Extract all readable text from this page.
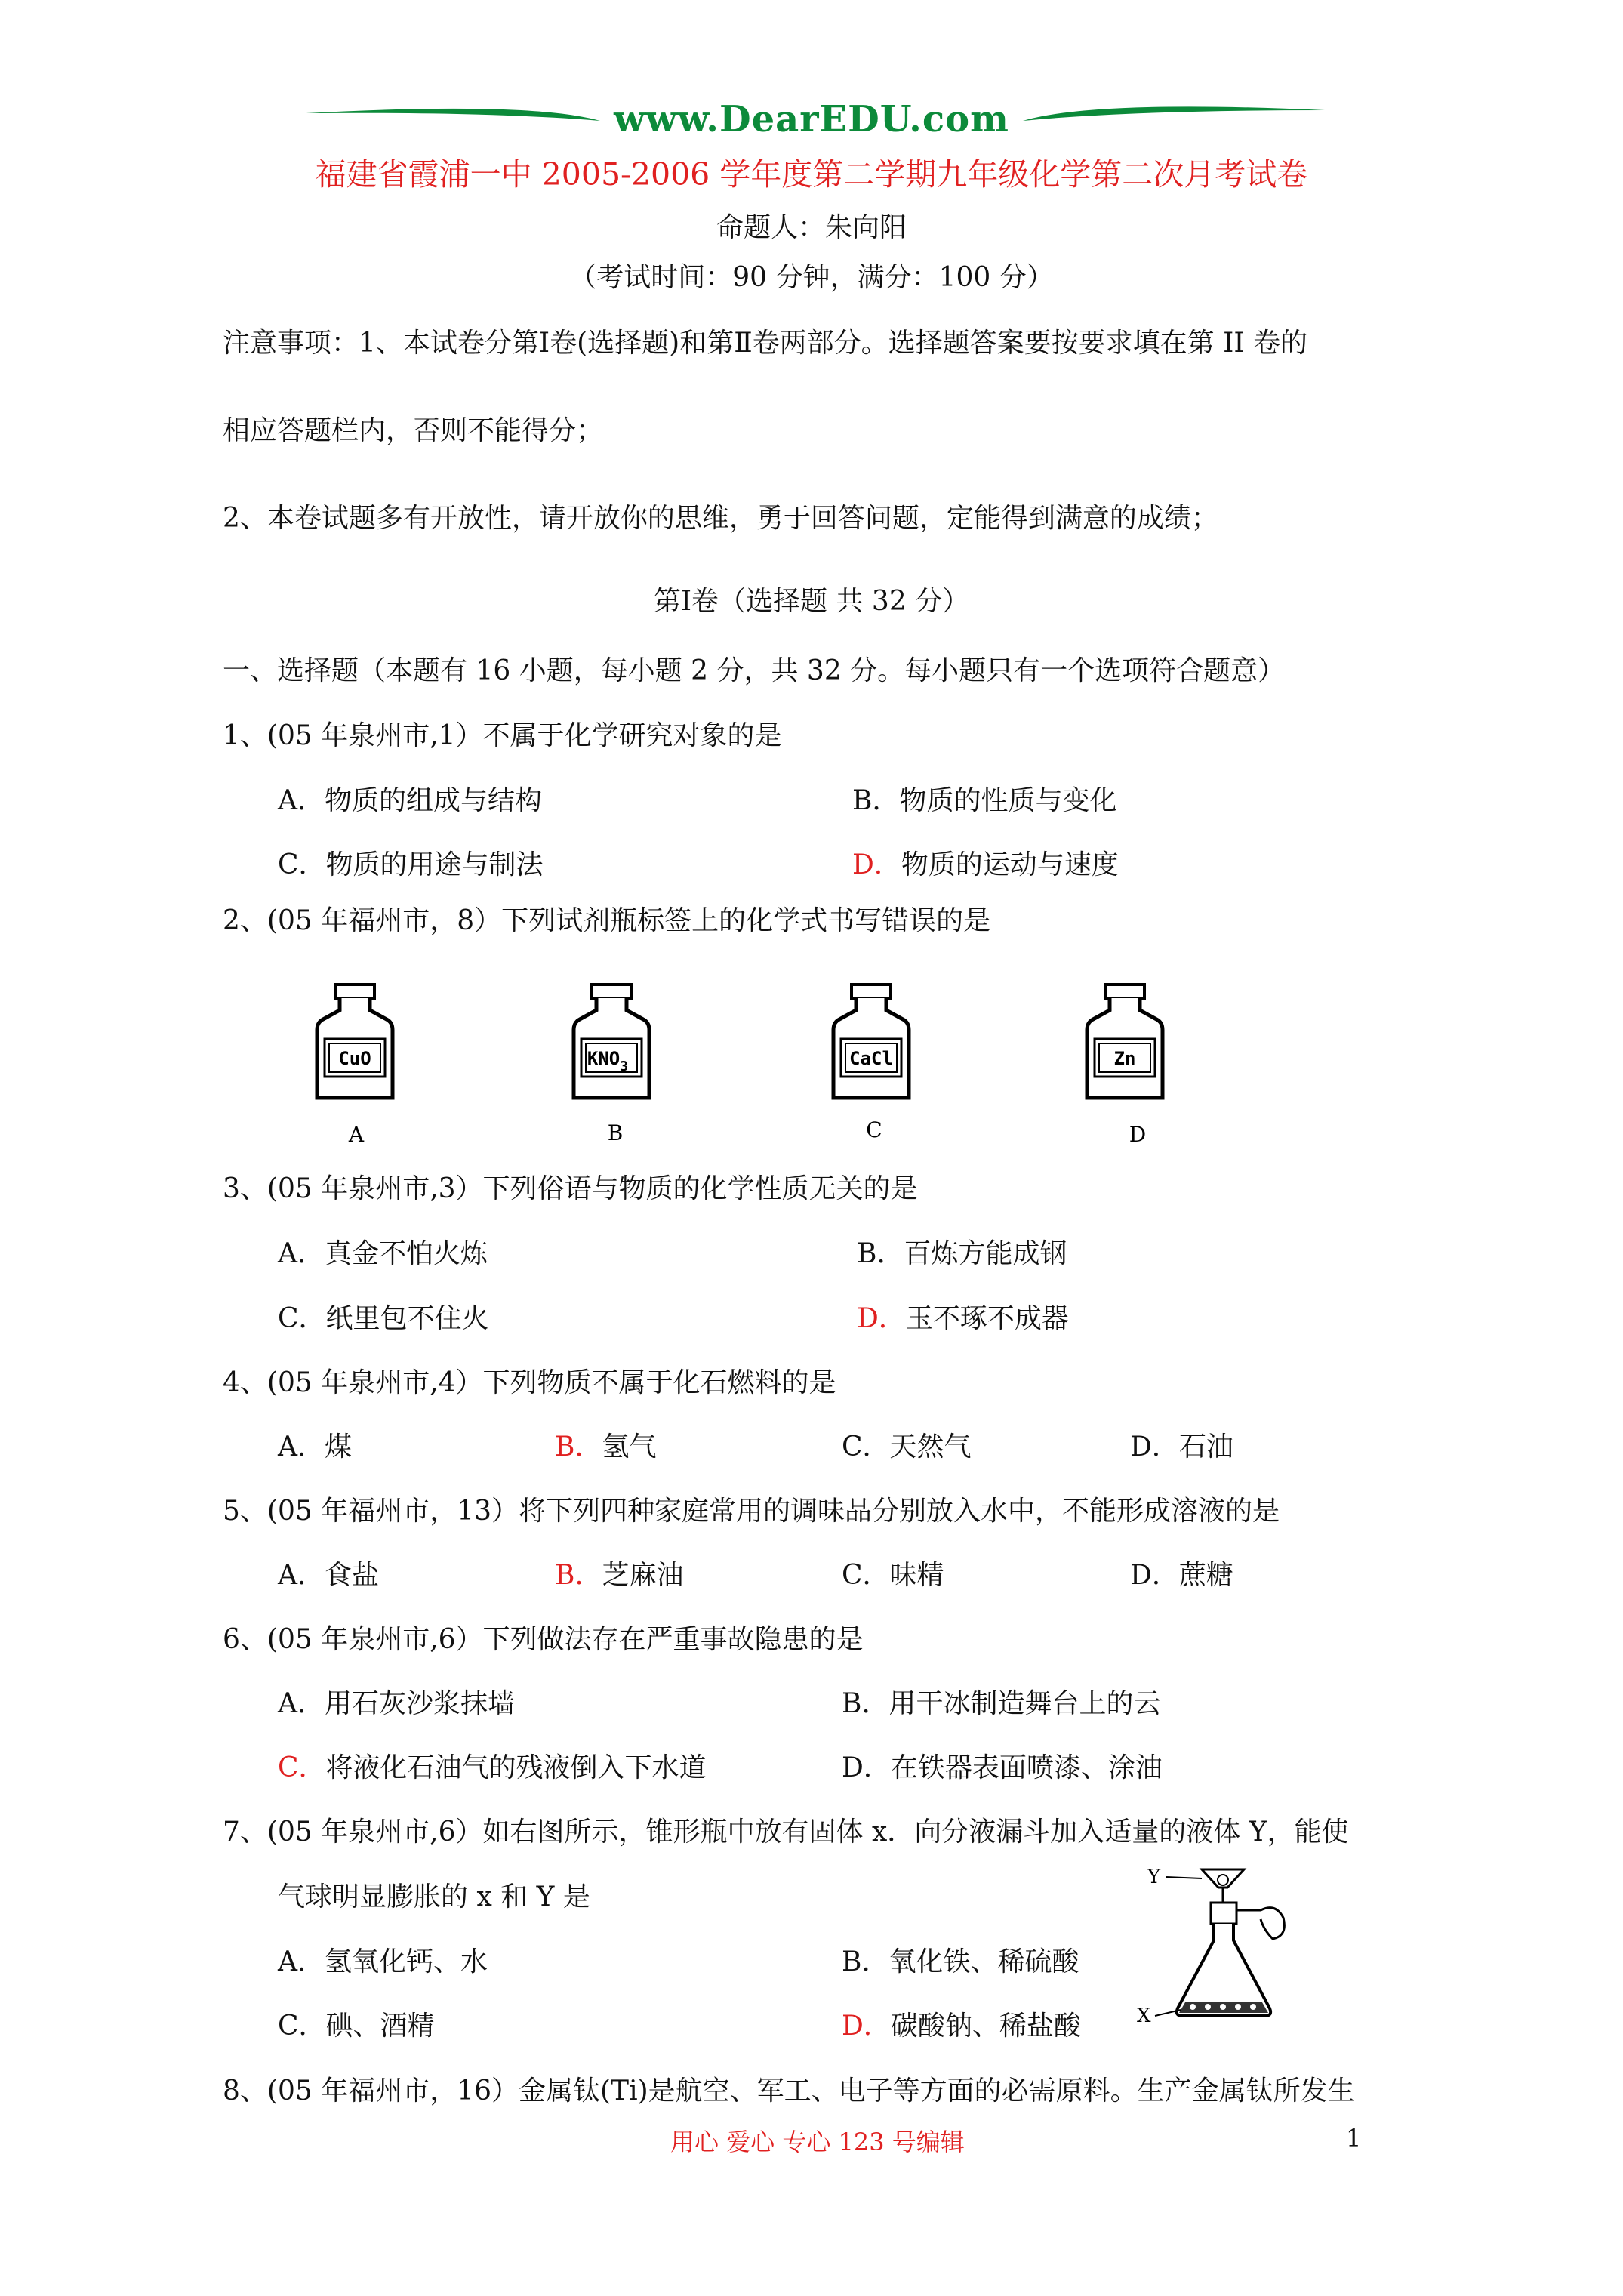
www.DearEDU.com
福建省霞浦一中 2005-2006 学年度第二学期九年级化学第二次月考试卷
命题人：朱向阳
（考试时间：90 分钟，满分：100 分）
注意事项：1、本试卷分第Ⅰ卷(选择题)和第Ⅱ卷两部分。选择题答案要按要求填在第 II 卷的
相应答题栏内，否则不能得分；
2、本卷试题多有开放性，请开放你的思维，勇于回答问题，定能得到满意的成绩；
第Ⅰ卷（选择题 共 32 分）
一、选择题（本题有 16 小题，每小题 2 分，共 32 分。每小题只有一个选项符合题意）
1、(05 年泉州市,1）不属于化学研究对象的是
A．物质的组成与结构	B．物质的性质与变化
C．物质的用途与制法	D．物质的运动与速度
2、(05 年福州市，8）下列试剂瓶标签上的化学式书写错误的是
CuO	$KNO_3$	CaCl	Zn
A	B	C	D
3、(05 年泉州市,3）下列俗语与物质的化学性质无关的是
A．真金不怕火炼	B．百炼方能成钢
C．纸里包不住火	D．玉不琢不成器
4、(05 年泉州市,4）下列物质不属于化石燃料的是
A．煤	B．氢气	C．天然气	D．石油
5、(05 年福州市，13）将下列四种家庭常用的调味品分别放入水中，不能形成溶液的是
A．食盐	B．芝麻油	C．味精	D．蔗糖
6、(05 年泉州市,6）下列做法存在严重事故隐患的是
A．用石灰沙浆抹墙	B．用干冰制造舞台上的云
C．将液化石油气的残液倒入下水道	D．在铁器表面喷漆、涂油
7、(05 年泉州市,6）如右图所示，锥形瓶中放有固体 x．向分液漏斗加入适量的液体 Y，能使
气球明显膨胀的 x 和 Y 是
A．氢氧化钙、水	B．氧化铁、稀硫酸
C．碘、酒精	D．碳酸钠、稀盐酸
Y
X
8、(05 年福州市，16）金属钛(Ti)是航空、军工、电子等方面的必需原料。生产金属钛所发生
用心 爱心 专心 123 号编辑	1
